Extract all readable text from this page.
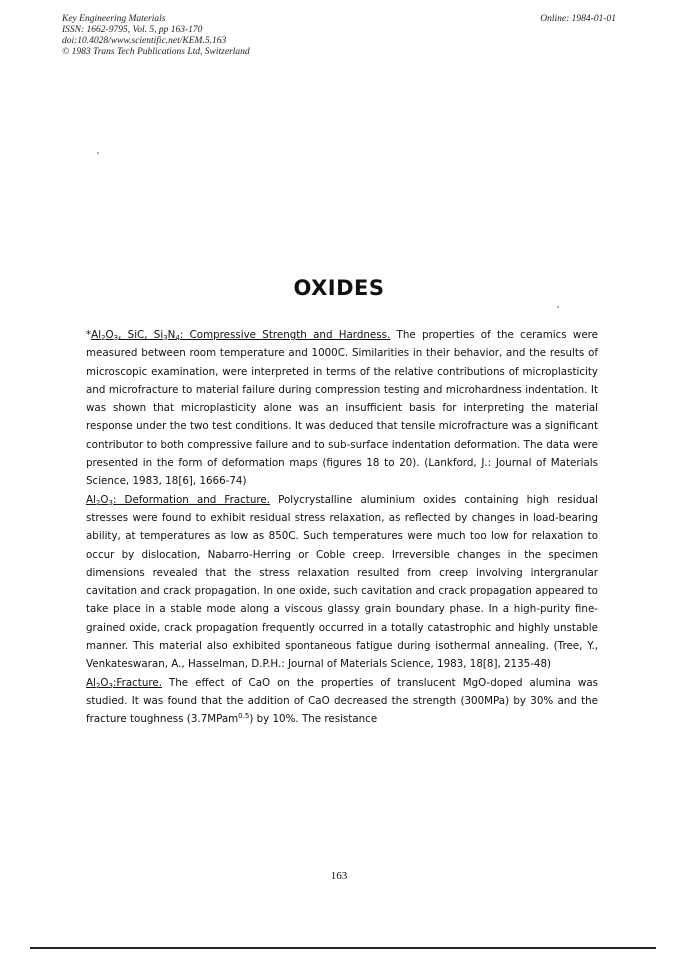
Key Engineering Materials
ISSN: 1662-9795, Vol. 5, pp 163-170
doi:10.4028/www.scientific.net/KEM.5.163
© 1983 Trans Tech Publications Ltd, Switzerland
Online: 1984-01-01
OXIDES

$*Al_2O_3$, SiC, $Si_3N_4$: Compressive Strength and Hardness. The properties of the ceramics were measured between room temperature and 1000C. Similarities in their behavior, and the results of microscopic examination, were interpreted in terms of the relative contributions of microplasticity and microfracture to material failure during compression testing and microhardness indentation. It was shown that microplasticity alone was an insufficient basis for interpreting the material response under the two test conditions. It was deduced that tensile microfracture was a significant contributor to both compressive failure and to sub-surface indentation deformation. The data were presented in the form of deformation maps (figures 18 to 20). (Lankford, J.: Journal of Materials Science, 1983, 18[6], 1666-74)

$Al_2O_3$: Deformation and Fracture. Polycrystalline aluminium oxides containing high residual stresses were found to exhibit residual stress relaxation, as reflected by changes in load-bearing ability, at temperatures as low as 850C. Such temperatures were much too low for relaxation to occur by dislocation, Nabarro-Herring or Coble creep. Irreversible changes in the specimen dimensions revealed that the stress relaxation resulted from creep involving intergranular cavitation and crack propagation. In one oxide, such cavitation and crack propagation appeared to take place in a stable mode along a viscous glassy grain boundary phase. In a high-purity fine-grained oxide, crack propagation frequently occurred in a totally catastrophic and highly unstable manner. This material also exhibited spontaneous fatigue during isothermal annealing. (Tree, Y., Venkateswaran, A., Hasselman, D.P.H.: Journal of Materials Science, 1983, 18[8], 2135-48)

$Al_2O_3:Fracture$. The effect of CaO on the properties of translucent MgO-doped alumina was studied. It was found that the addition of CaO decreased the strength (300MPa) by 30% and the fracture toughness (3.7MPam$^{0.5}$) by 10%. The resistance

163
